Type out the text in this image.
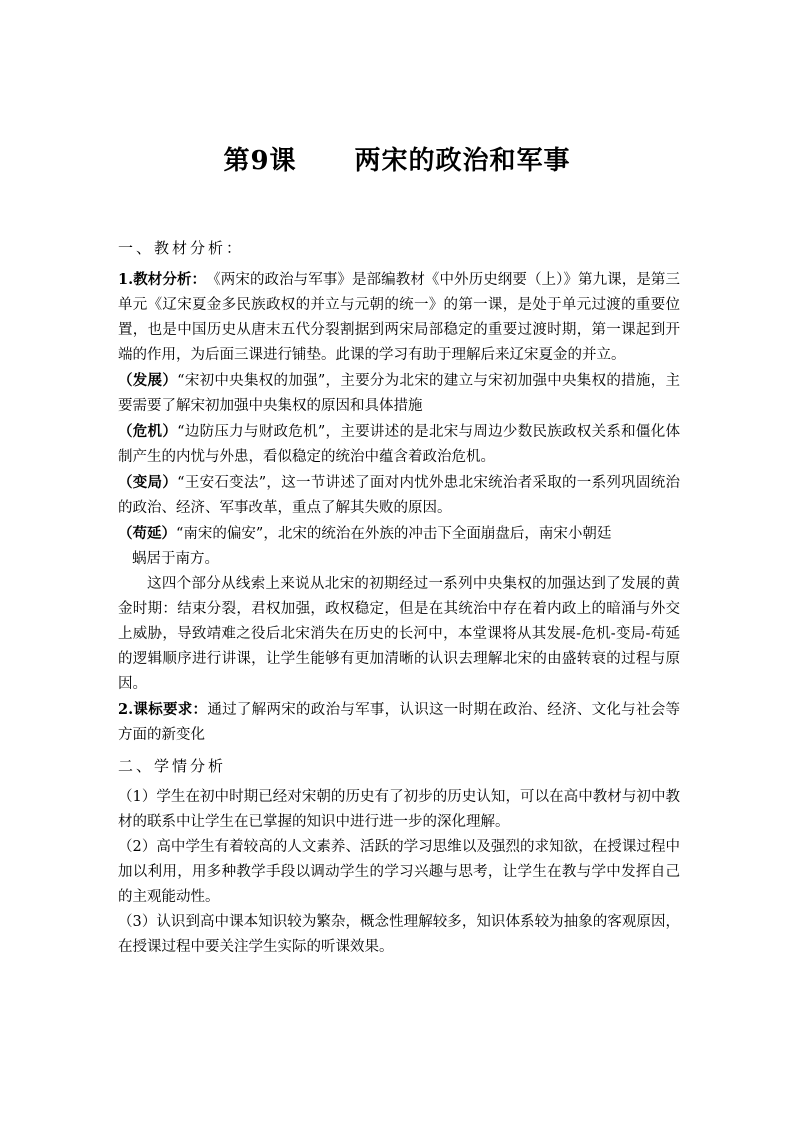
第9课 两宋的政治和军事
一、教材分析：

1.教材分析：　《两宋的政治与军事》是部编教材《中外历史纲要（上）》第九课，是第三单元《辽宋夏金多民族政权的并立与元朝的统一》的第一课，是处于单元过渡的重要位置，也是中国历史从唐末五代分裂割据到两宋局部稳定的重要过渡时期，第一课起到开端的作用，为后面三课进行铺垫。此课的学习有助于理解后来辽宋夏金的并立。

（发展）“宋初中央集权的加强”，主要分为北宋的建立与宋初加强中央集权的措施，主要需要了解宋初加强中央集权的原因和具体措施

（危机）“边防压力与财政危机”，主要讲述的是北宋与周边少数民族政权关系和僵化体制产生的内忧与外患，看似稳定的统治中蕴含着政治危机。

（变局）“王安石变法”，这一节讲述了面对内忧外患北宋统治者采取的一系列巩固统治的政治、经济、军事改革，重点了解其失败的原因。

（苟延）“南宋的偏安”，北宋的统治在外族的冲击下全面崩盘后，南宋小朝廷

蜗居于南方。

这四个部分从线索上来说从北宋的初期经过一系列中央集权的加强达到了发展的黄金时期：结束分裂，君权加强，政权稳定，但是在其统治中存在着内政上的暗涌与外交上威胁，导致靖难之役后北宋消失在历史的长河中，本堂课将从其发展-危机-变局-苟延的逻辑顺序进行讲课，让学生能够有更加清晰的认识去理解北宋的由盛转衰的过程与原因。

2.课标要求：通过了解两宋的政治与军事，认识这一时期在政治、经济、文化与社会等方面的新变化

二、学情分析

（1）学生在初中时期已经对宋朝的历史有了初步的历史认知，可以在高中教材与初中教材的联系中让学生在已掌握的知识中进行进一步的深化理解。

（2）高中学生有着较高的人文素养、活跃的学习思维以及强烈的求知欲，在授课过程中加以利用，用多种教学手段以调动学生的学习兴趣与思考，让学生在教与学中发挥自己的主观能动性。

（3）认识到高中课本知识较为繁杂，概念性理解较多，知识体系较为抽象的客观原因，在授课过程中要关注学生实际的听课效果。
